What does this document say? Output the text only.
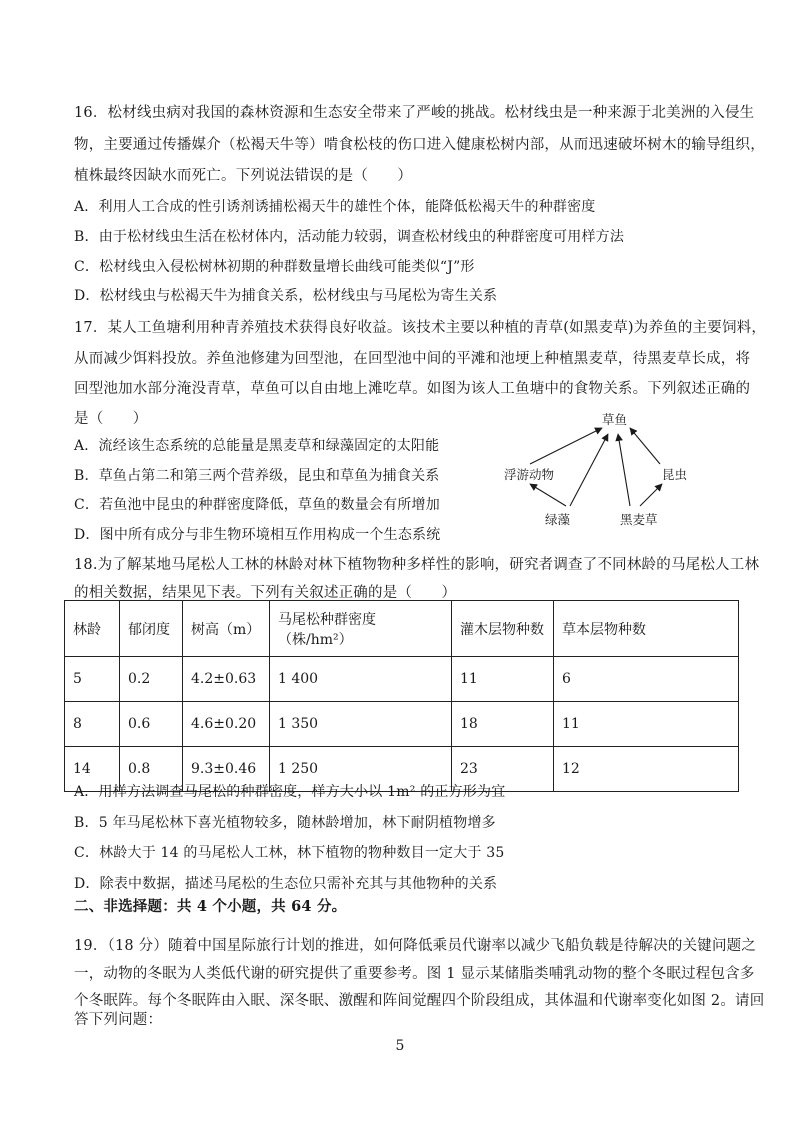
16．松材线虫病对我国的森林资源和生态安全带来了严峻的挑战。松材线虫是一种来源于北美洲的入侵生
物，主要通过传播媒介（松褐天牛等）啃食松枝的伤口进入健康松树内部，从而迅速破坏树木的输导组织，
植株最终因缺水而死亡。下列说法错误的是（　　）
A．利用人工合成的性引诱剂诱捕松褐天牛的雄性个体，能降低松褐天牛的种群密度
B．由于松材线虫生活在松材体内，活动能力较弱，调查松材线虫的种群密度可用样方法
C．松材线虫入侵松树林初期的种群数量增长曲线可能类似“J”形
D．松材线虫与松褐天牛为捕食关系，松材线虫与马尾松为寄生关系
17．某人工鱼塘利用种青养殖技术获得良好收益。该技术主要以种植的青草(如黑麦草)为养鱼的主要饲料，
从而减少饵料投放。养鱼池修建为回型池，在回型池中间的平滩和池埂上种植黑麦草，待黑麦草长成，将
回型池加水部分淹没青草，草鱼可以自由地上滩吃草。如图为该人工鱼塘中的食物关系。下列叙述正确的
是（　　）
A．流经该生态系统的总能量是黑麦草和绿藻固定的太阳能
B．草鱼占第二和第三两个营养级，昆虫和草鱼为捕食关系
C．若鱼池中昆虫的种群密度降低，草鱼的数量会有所增加
D．图中所有成分与非生物环境相互作用构成一个生态系统
草鱼
浮游动物	昆虫
绿藻	黑麦草
18.为了解某地马尾松人工林的林龄对林下植物物种多样性的影响，研究者调查了不同林龄的马尾松人工林
的相关数据，结果见下表。下列有关叙述正确的是（　　）
林龄	郁闭度	树高（m）	马尾松种群密度（株/hm²）	灌木层物种数	草本层物种数
5	0.2	4.2±0.63	1 400	11	6
8	0.6	4.6±0.20	1 350	18	11
14	0.8	9.3±0.46	1 250	23	12
A．用样方法调查马尾松的种群密度，样方大小以 1m² 的正方形为宜
B．5 年马尾松林下喜光植物较多，随林龄增加，林下耐阴植物增多
C．林龄大于 14 的马尾松人工林，林下植物的物种数目一定大于 35
D．除表中数据，描述马尾松的生态位只需补充其与其他物种的关系
二、非选择题：共 4 个小题，共 64 分。
19．（18 分）随着中国星际旅行计划的推进，如何降低乘员代谢率以减少飞船负载是待解决的关键问题之
一，动物的冬眠为人类低代谢的研究提供了重要参考。图 1 显示某储脂类哺乳动物的整个冬眠过程包含多
个冬眠阵。每个冬眠阵由入眠、深冬眠、激醒和阵间觉醒四个阶段组成，其体温和代谢率变化如图 2。请回
答下列问题：
5
